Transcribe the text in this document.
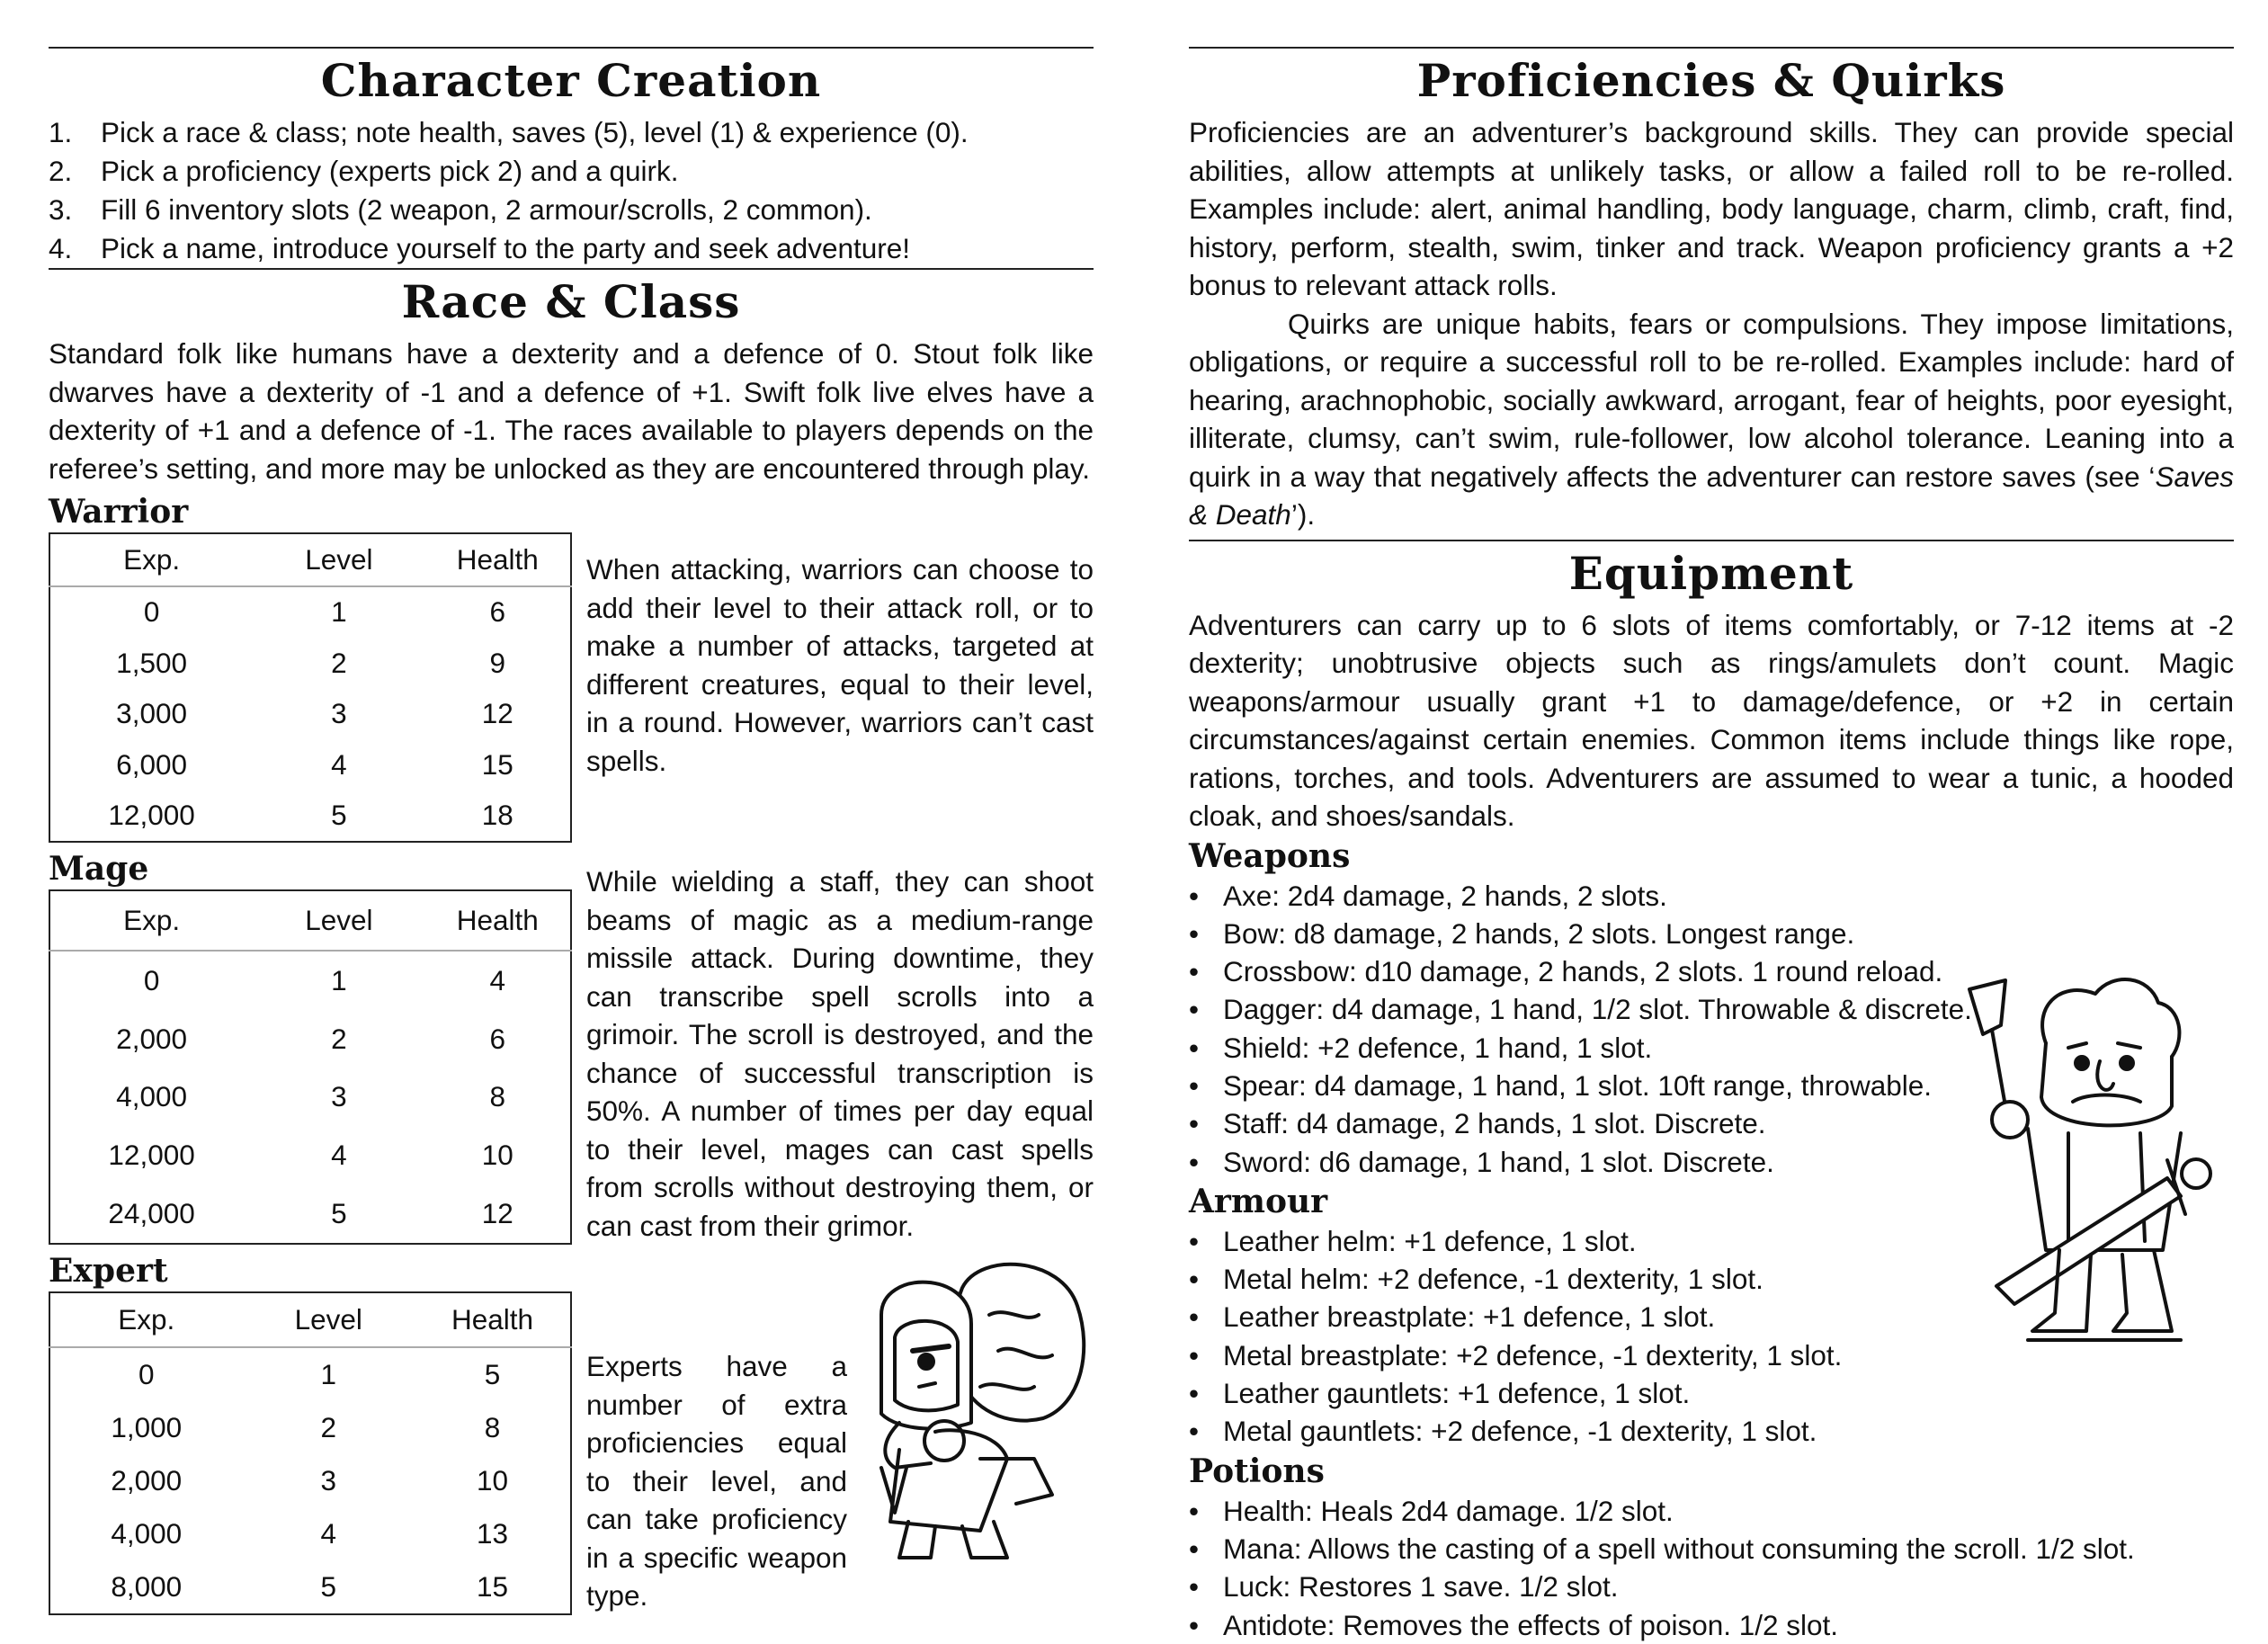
Character Creation
1.	Pick a race & class; note health, saves (5), level (1) & experience (0).
2.	Pick a proficiency (experts pick 2) and a quirk.
3.	Fill 6 inventory slots (2 weapon, 2 armour/scrolls, 2 common).
4.	Pick a name, introduce yourself to the party and seek adventure!
Race & Class

Standard folk like humans have a dexterity and a defence of 0. Stout folk like dwarves have a dexterity of -1 and a defence of +1. Swift folk live elves have a dexterity of +1 and a defence of -1. The races available to players depends on the referee’s setting, and more may be unlocked as they are encountered through play.

Warrior
Exp.	Level	Health
0	1	6
1,500	2	9
3,000	3	12
6,000	4	15
12,000	5	18

When attacking, warriors can choose to add their level to their attack roll, or to make a number of attacks, targeted at different creatures, equal to their level, in a round. However, warriors can’t cast spells.

Mage
Exp.	Level	Health
0	1	4
2,000	2	6
4,000	3	8
12,000	4	10
24,000	5	12

While wielding a staff, they can shoot beams of magic as a medium-range missile attack. During downtime, they can transcribe spell scrolls into a grimoir. The scroll is destroyed, and the chance of successful transcription is 50%. A number of times per day equal to their level, mages can cast spells from scrolls without destroying them, or can cast from their grimor.

Expert
Exp.	Level	Health
0	1	5
1,000	2	8
2,000	3	10
4,000	4	13
8,000	5	15

Experts have a number of extra proficiencies equal to their level, and can take proficiency in a specific weapon type.

Proficiencies & Quirks

Proficiencies are an adventurer’s background skills. They can provide special abilities, allow attempts at unlikely tasks, or allow a failed roll to be re-rolled. Examples include: alert, animal handling, body language, charm, climb, craft, find, history, perform, stealth, swim, tinker and track. Weapon proficiency grants a +2 bonus to relevant attack rolls.

Quirks are unique habits, fears or compulsions. They impose limitations, obligations, or require a successful roll to be re-rolled. Examples include: hard of hearing, arachnophobic, socially awkward, arrogant, fear of heights, poor eyesight, illiterate, clumsy, can’t swim, rule-follower, low alcohol tolerance. Leaning into a quirk in a way that negatively affects the adventurer can restore saves (see ‘Saves & Death’).

Equipment

Adventurers can carry up to 6 slots of items comfortably, or 7-12 items at -2 dexterity; unobtrusive objects such as rings/amulets don’t count. Magic weapons/armour usually grant +1 to damage/defence, or +2 in certain circumstances/against certain enemies. Common items include things like rope, rations, torches, and tools. Adventurers are assumed to wear a tunic, a hooded cloak, and shoes/sandals.

Weapons
• Axe: 2d4 damage, 2 hands, 2 slots.
• Bow: d8 damage, 2 hands, 2 slots. Longest range.
• Crossbow: d10 damage, 2 hands, 2 slots. 1 round reload.
• Dagger: d4 damage, 1 hand, 1/2 slot. Throwable & discrete.
• Shield: +2 defence, 1 hand, 1 slot.
• Spear: d4 damage, 1 hand, 1 slot. 10ft range, throwable.
• Staff: d4 damage, 2 hands, 1 slot. Discrete.
• Sword: d6 damage, 1 hand, 1 slot. Discrete.
Armour
• Leather helm: +1 defence, 1 slot.
• Metal helm: +2 defence, -1 dexterity, 1 slot.
• Leather breastplate: +1 defence, 1 slot.
• Metal breastplate: +2 defence, -1 dexterity, 1 slot.
• Leather gauntlets: +1 defence, 1 slot.
• Metal gauntlets: +2 defence, -1 dexterity, 1 slot.
Potions
• Health: Heals 2d4 damage. 1/2 slot.
• Mana: Allows the casting of a spell without consuming the scroll. 1/2 slot.
• Luck: Restores 1 save. 1/2 slot.
• Antidote: Removes the effects of poison. 1/2 slot.
